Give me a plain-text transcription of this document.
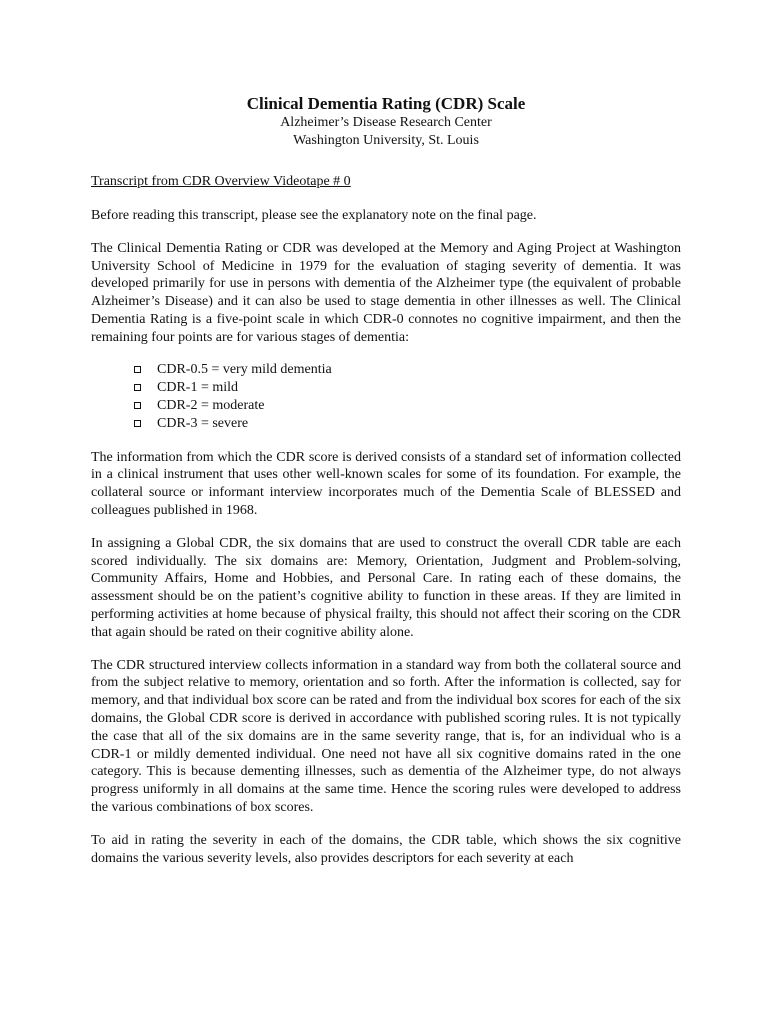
Clinical Dementia Rating (CDR) Scale

Alzheimer’s Disease Research Center

Washington University, St. Louis

Transcript from CDR Overview Videotape # 0

Before reading this transcript, please see the explanatory note on the final page.

The Clinical Dementia Rating or CDR was developed at the Memory and Aging Project at Washington University School of Medicine in 1979 for the evaluation of staging severity of dementia. It was developed primarily for use in persons with dementia of the Alzheimer type (the equivalent of probable Alzheimer’s Disease) and it can also be used to stage dementia in other illnesses as well. The Clinical Dementia Rating is a five-point scale in which CDR-0 connotes no cognitive impairment, and then the remaining four points are for various stages of dementia:

CDR-0.5 = very mild dementia
CDR-1 = mild
CDR-2 = moderate
CDR-3 = severe

The information from which the CDR score is derived consists of a standard set of information collected in a clinical instrument that uses other well-known scales for some of its foundation. For example, the collateral source or informant interview incorporates much of the Dementia Scale of BLESSED and colleagues published in 1968.

In assigning a Global CDR, the six domains that are used to construct the overall CDR table are each scored individually. The six domains are: Memory, Orientation, Judgment and Problem-solving, Community Affairs, Home and Hobbies, and Personal Care. In rating each of these domains, the assessment should be on the patient’s cognitive ability to function in these areas. If they are limited in performing activities at home because of physical frailty, this should not affect their scoring on the CDR that again should be rated on their cognitive ability alone.

The CDR structured interview collects information in a standard way from both the collateral source and from the subject relative to memory, orientation and so forth. After the information is collected, say for memory, and that individual box score can be rated and from the individual box scores for each of the six domains, the Global CDR score is derived in accordance with published scoring rules. It is not typically the case that all of the six domains are in the same severity range, that is, for an individual who is a CDR-1 or mildly demented individual. One need not have all six cognitive domains rated in the one category. This is because dementing illnesses, such as dementia of the Alzheimer type, do not always progress uniformly in all domains at the same time. Hence the scoring rules were developed to address the various combinations of box scores.

To aid in rating the severity in each of the domains, the CDR table, which shows the six cognitive domains the various severity levels, also provides descriptors for each severity at each
